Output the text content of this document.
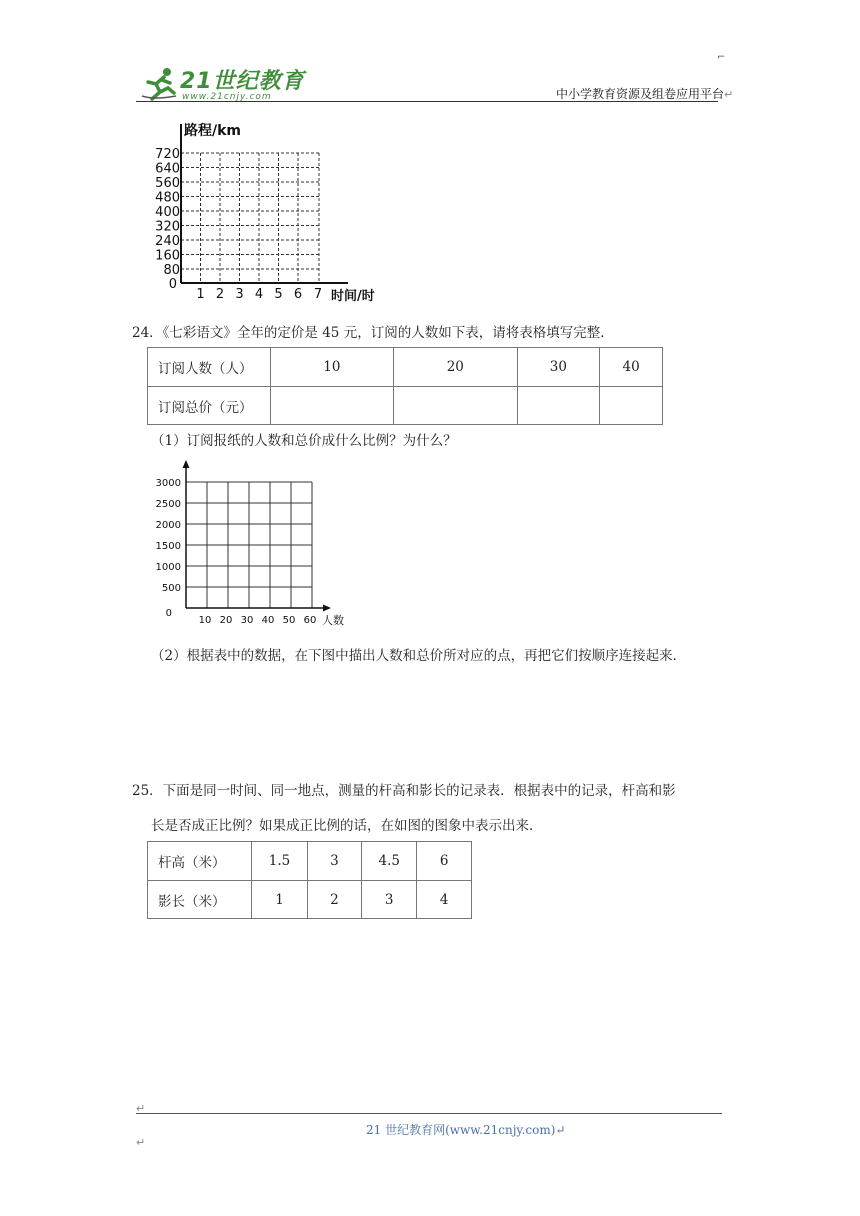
⌐
21世纪教育
www.21cnjy.com	中小学教育资源及组卷应用平台↵
路程/km
时间/时
720
640
560
480
400
320
240
160
80
0
1 2 3 4 5 6 7
24．《七彩语文》全年的定价是 45 元，订阅的人数如下表，请将表格填写完整．
订阅人数（人）	10	20	30	40
订阅总价（元）				
（1）订阅报纸的人数和总价成什么比例？为什么？
3000
2500
2000
1500
1000
500
0
10 20 30 40 50 60 人数
（2）根据表中的数据，在下图中描出人数和总价所对应的点，再把它们按顺序连接起来．
25．下面是同一时间、同一地点，测量的杆高和影长的记录表．根据表中的记录，杆高和影
长是否成正比例？如果成正比例的话，在如图的图象中表示出来．
杆高（米）	1.5	3	4.5	6
影长（米）	1	2	3	4
↵
21 世纪教育网(www.21cnjy.com)↵
↵
